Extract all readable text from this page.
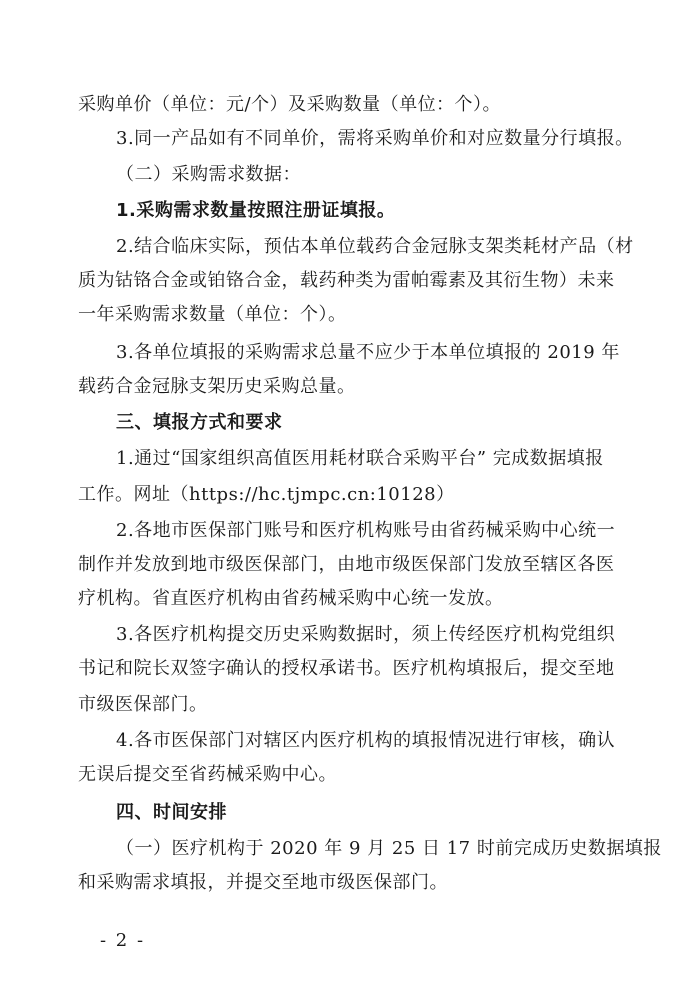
采购单价（单位：元/个）及采购数量（单位：个）。
3.同一产品如有不同单价，需将采购单价和对应数量分行填报。
（二）采购需求数据：
1.采购需求数量按照注册证填报。
2.结合临床实际，预估本单位载药合金冠脉支架类耗材产品（材
质为钴铬合金或铂铬合金，载药种类为雷帕霉素及其衍生物）未来
一年采购需求数量（单位：个）。
3.各单位填报的采购需求总量不应少于本单位填报的 2019 年
载药合金冠脉支架历史采购总量。
三、填报方式和要求
1.通过“国家组织高值医用耗材联合采购平台” 完成数据填报
工作。网址（https://hc.tjmpc.cn:10128）
2.各地市医保部门账号和医疗机构账号由省药械采购中心统一
制作并发放到地市级医保部门，由地市级医保部门发放至辖区各医
疗机构。省直医疗机构由省药械采购中心统一发放。
3.各医疗机构提交历史采购数据时，须上传经医疗机构党组织
书记和院长双签字确认的授权承诺书。医疗机构填报后，提交至地
市级医保部门。
4.各市医保部门对辖区内医疗机构的填报情况进行审核，确认
无误后提交至省药械采购中心。
四、时间安排
（一）医疗机构于 2020 年 9 月 25 日 17 时前完成历史数据填报
和采购需求填报，并提交至地市级医保部门。
- 2 -
